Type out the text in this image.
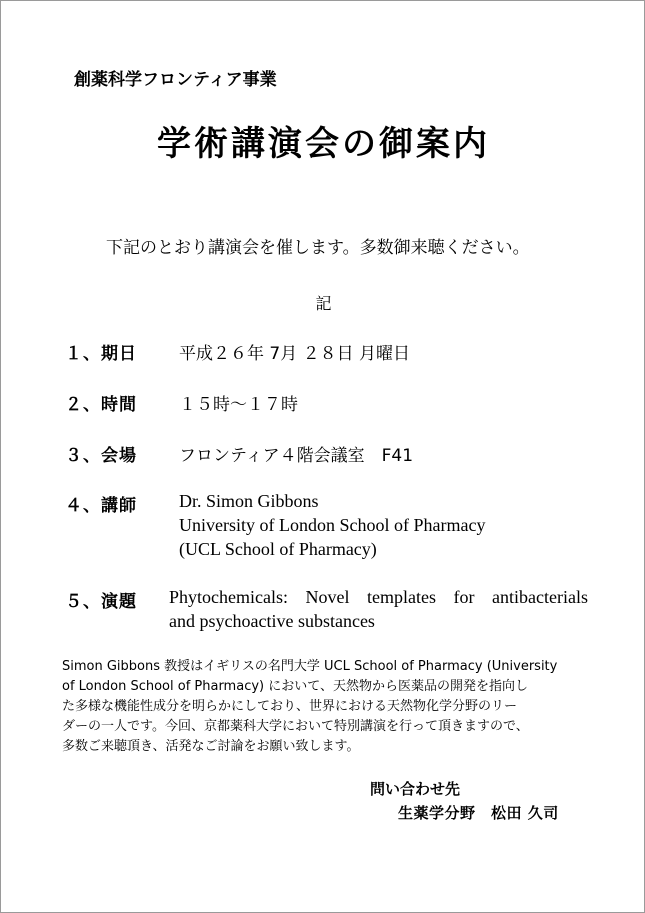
創薬科学フロンティア事業
学術講演会の御案内
下記のとおり講演会を催します。多数御来聴ください。
記
１、期日 平成２６年 7月 ２８日 月曜日
２、時間 １５時～１７時
３、会場 フロンティア４階会議室　F41
４、講師 Dr. Simon Gibbons
University of London School of Pharmacy
(UCL School of Pharmacy)
５、演題 Phytochemicals: Novel templates for antibacterials
and psychoactive substances
Simon Gibbons 教授はイギリスの名門大学 UCL School of Pharmacy (University
of London School of Pharmacy) において、天然物から医薬品の開発を指向し
た多様な機能性成分を明らかにしており、世界における天然物化学分野のリー
ダーの一人です。今回、京都薬科大学において特別講演を行って頂きますので、
多数ご来聴頂き、活発なご討論をお願い致します。
問い合わせ先
生薬学分野　松田 久司
